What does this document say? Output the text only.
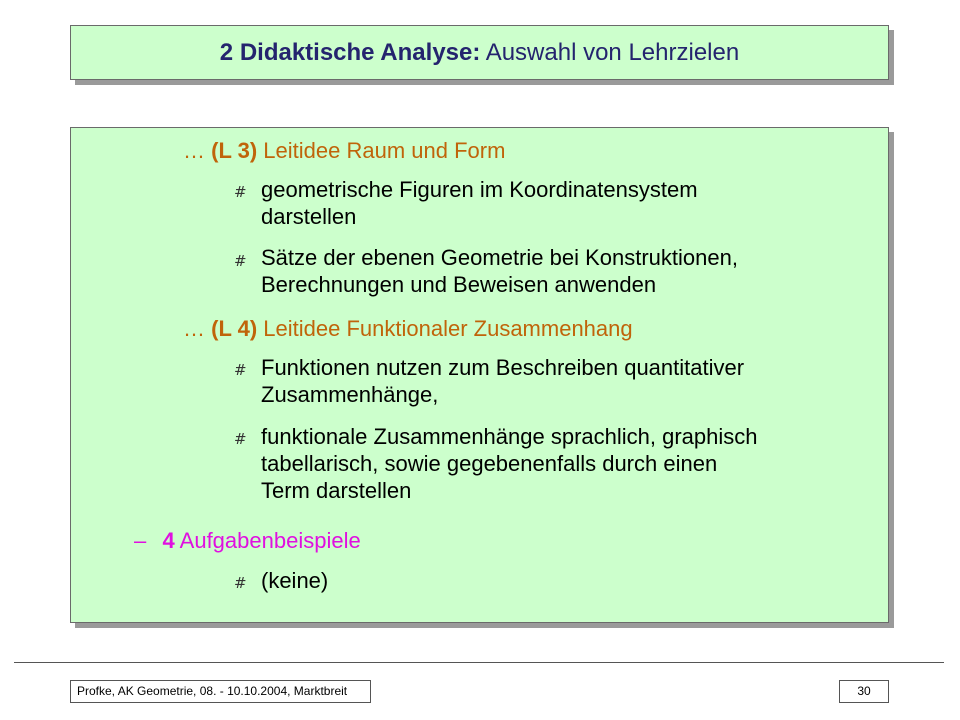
2 Didaktische Analyse: Auswahl von Lehrzielen
… (L 3) Leitidee Raum und Form
# geometrische Figuren im Koordinatensystem
darstellen
# Sätze der ebenen Geometrie bei Konstruktionen,
Berechnungen und Beweisen anwenden
… (L 4) Leitidee Funktionaler Zusammenhang
# Funktionen nutzen zum Beschreiben quantitativer
Zusammenhänge,
# funktionale Zusammenhänge sprachlich, graphisch
tabellarisch, sowie gegebenenfalls durch einen
Term darstellen
– 4 Aufgabenbeispiele
# (keine)
Profke, AK Geometrie, 08. - 10.10.2004, Marktbreit	30
